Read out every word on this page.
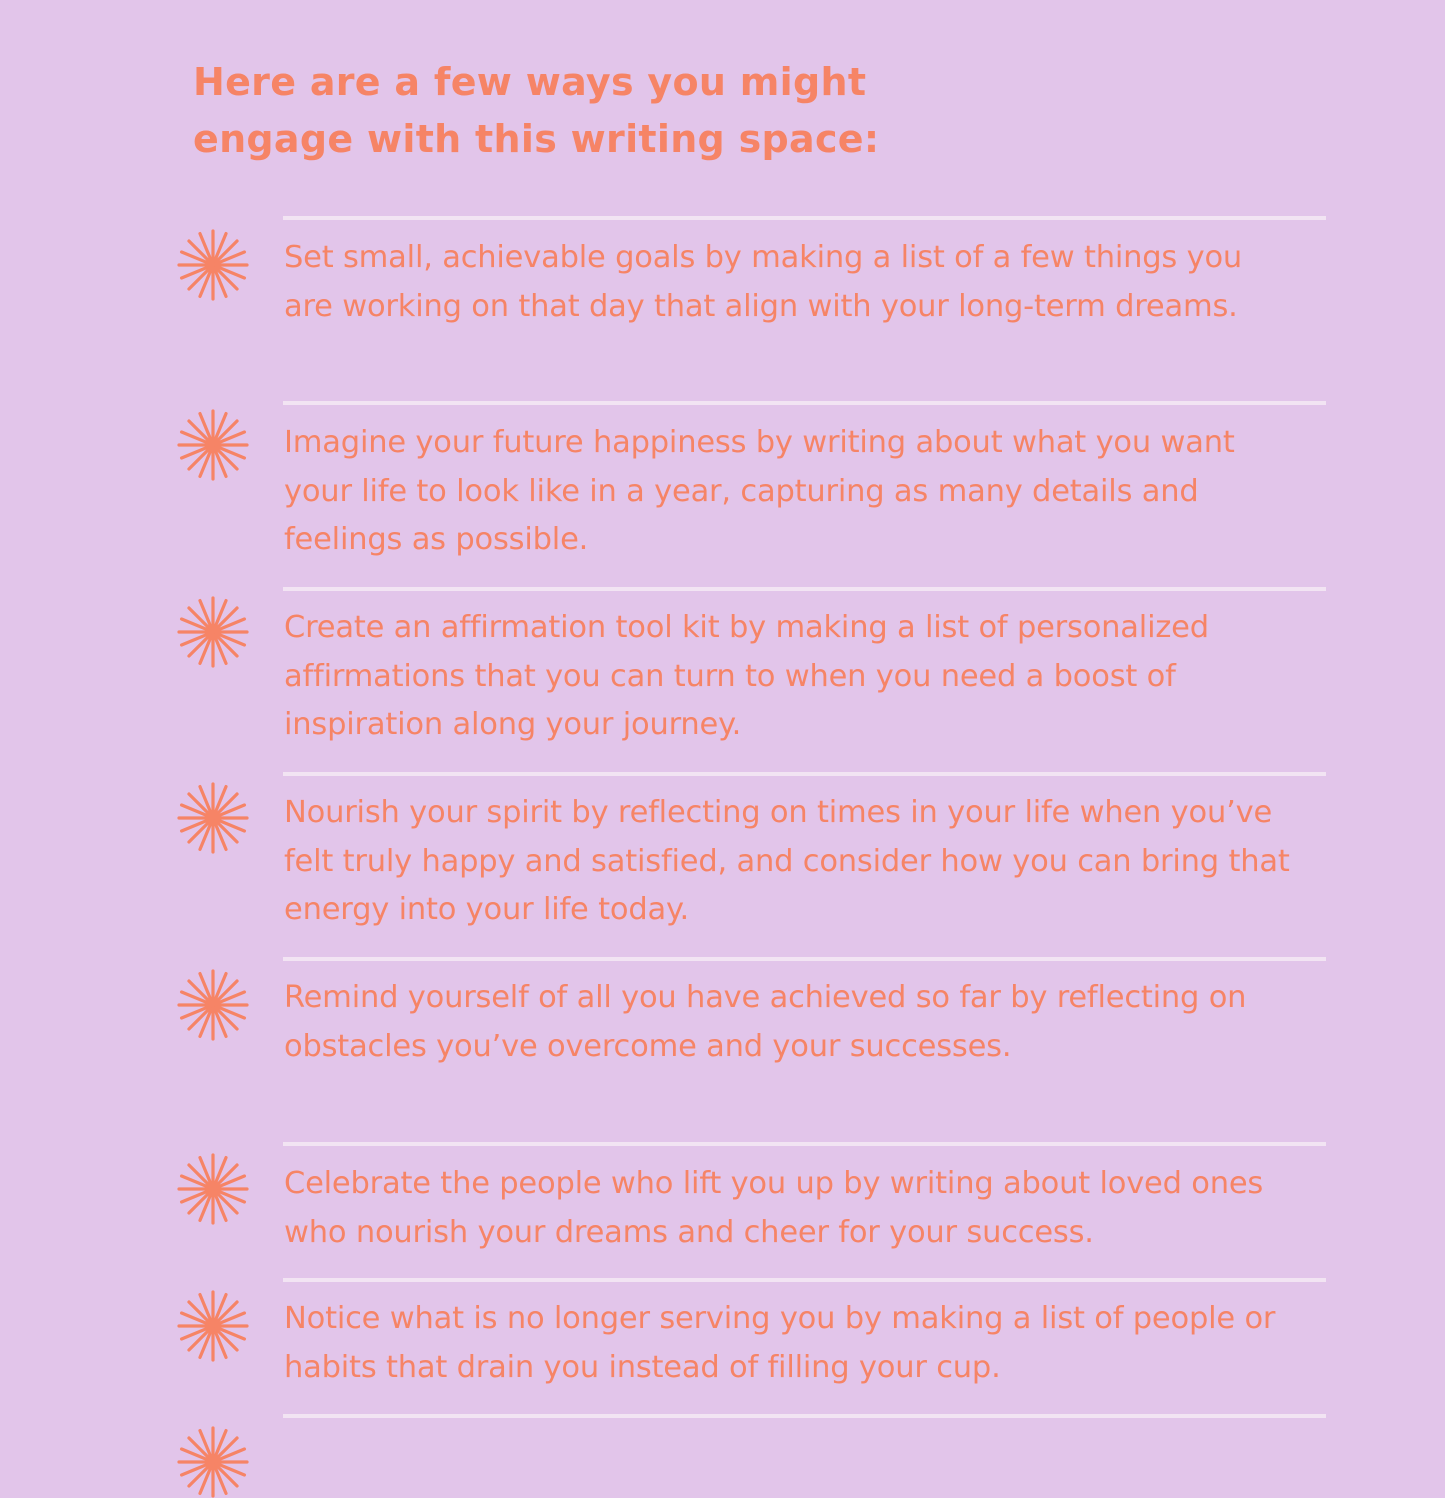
Here are a few ways you might
engage with this writing space:

Set small, achievable goals by making a list of a few things you are working on that day that align with your long-term dreams.

Imagine your future happiness by writing about what you want your life to look like in a year, capturing as many details and feelings as possible.

Create an affirmation tool kit by making a list of personalized affirmations that you can turn to when you need a boost of inspiration along your journey.

Nourish your spirit by reflecting on times in your life when you’ve felt truly happy and satisfied, and consider how you can bring that energy into your life today.

Remind yourself of all you have achieved so far by reflecting on obstacles you’ve overcome and your successes.

Celebrate the people who lift you up by writing about loved ones who nourish your dreams and cheer for your success.

Notice what is no longer serving you by making a list of people or habits that drain you instead of filling your cup.
